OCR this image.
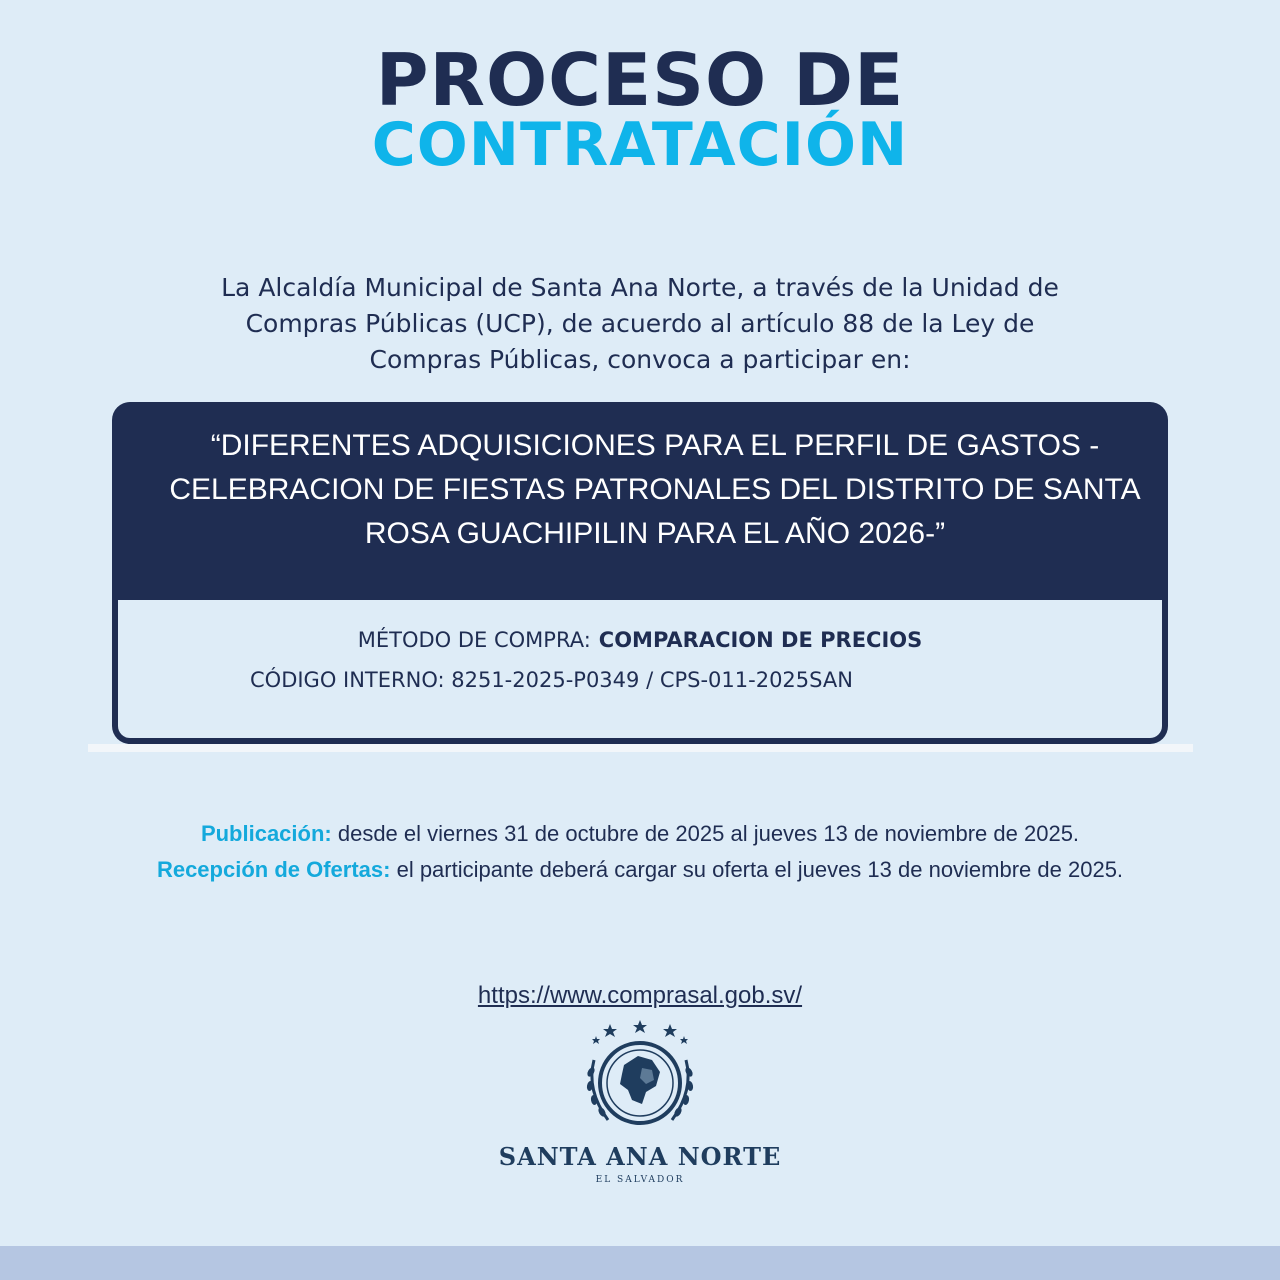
PROCESO DE
CONTRATACIÓN
La Alcaldía Municipal de Santa Ana Norte, a través de la Unidad de
Compras Públicas (UCP), de acuerdo al artículo 88 de la Ley de
Compras Públicas, convoca a participar en:
“DIFERENTES ADQUISICIONES PARA EL PERFIL DE GASTOS -
CELEBRACION DE FIESTAS PATRONALES DEL DISTRITO DE SANTA
ROSA GUACHIPILIN PARA EL AÑO 2026-”
MÉTODO DE COMPRA: COMPARACION DE PRECIOS
CÓDIGO INTERNO: 8251-2025-P0349 / CPS-011-2025SAN
Publicación: desde el viernes 31 de octubre de 2025 al jueves 13 de noviembre de 2025.
Recepción de Ofertas: el participante deberá cargar su oferta el jueves 13 de noviembre de 2025.
https://www.comprasal.gob.sv/
SANTA ANA NORTE
EL SALVADOR
